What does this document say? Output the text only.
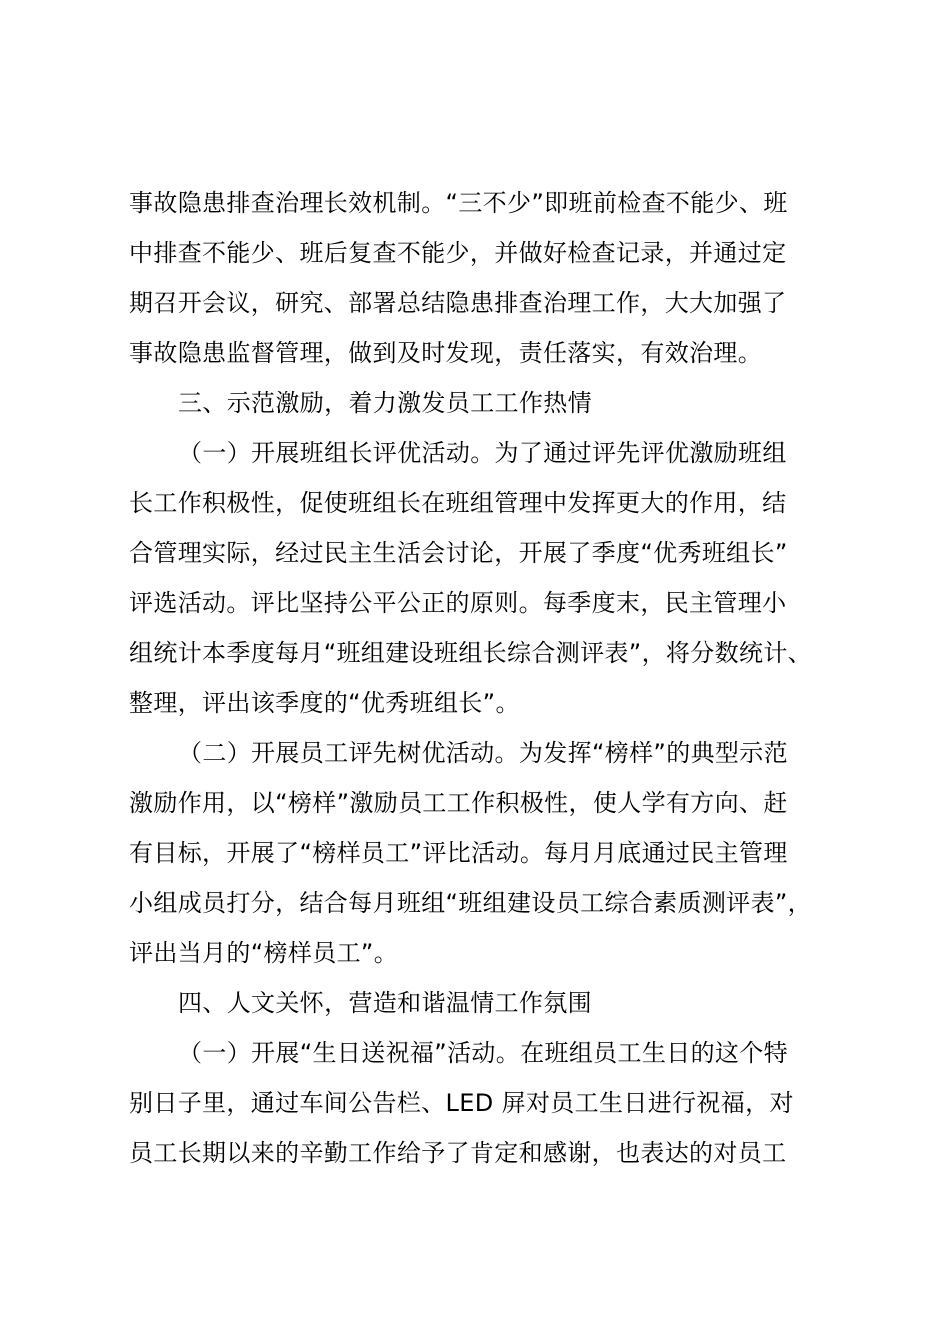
事故隐患排查治理长效机制。“三不少”即班前检查不能少、班
中排查不能少、班后复查不能少，并做好检查记录，并通过定
期召开会议，研究、部署总结隐患排查治理工作，大大加强了
事故隐患监督管理，做到及时发现，责任落实，有效治理。
三、示范激励，着力激发员工工作热情
（一）开展班组长评优活动。为了通过评先评优激励班组
长工作积极性，促使班组长在班组管理中发挥更大的作用，结
合管理实际，经过民主生活会讨论，开展了季度“优秀班组长”
评选活动。评比坚持公平公正的原则。每季度末，民主管理小
组统计本季度每月“班组建设班组长综合测评表”，将分数统计、
整理，评出该季度的“优秀班组长”。
（二）开展员工评先树优活动。为发挥“榜样”的典型示范
激励作用，以“榜样”激励员工工作积极性，使人学有方向、赶
有目标，开展了“榜样员工”评比活动。每月月底通过民主管理
小组成员打分，结合每月班组“班组建设员工综合素质测评表”，
评出当月的“榜样员工”。
四、人文关怀，营造和谐温情工作氛围
（一）开展“生日送祝福”活动。在班组员工生日的这个特
别日子里，通过车间公告栏、LED 屏对员工生日进行祝福，对
员工长期以来的辛勤工作给予了肯定和感谢，也表达的对员工
